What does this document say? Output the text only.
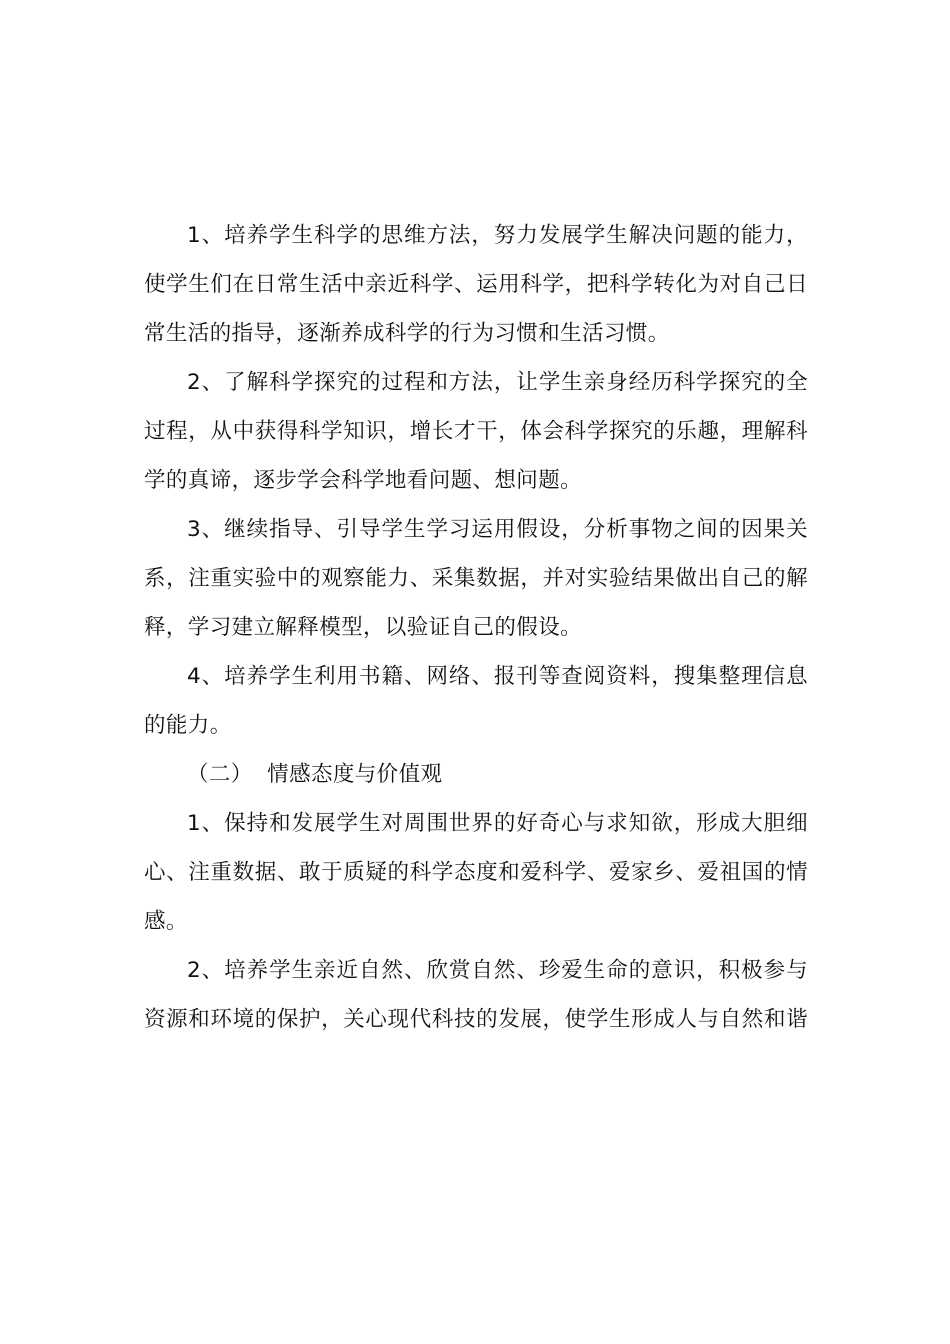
1、培养学生科学的思维方法，努力发展学生解决问题的能力，
使学生们在日常生活中亲近科学、运用科学，把科学转化为对自己日
常生活的指导，逐渐养成科学的行为习惯和生活习惯。

2、了解科学探究的过程和方法，让学生亲身经历科学探究的全
过程，从中获得科学知识，增长才干，体会科学探究的乐趣，理解科
学的真谛，逐步学会科学地看问题、想问题。

3、继续指导、引导学生学习运用假设，分析事物之间的因果关
系，注重实验中的观察能力、采集数据，并对实验结果做出自己的解
释，学习建立解释模型，以验证自己的假设。

4、培养学生利用书籍、网络、报刊等查阅资料，搜集整理信息
的能力。

（二）  情感态度与价值观

1、保持和发展学生对周围世界的好奇心与求知欲，形成大胆细
心、注重数据、敢于质疑的科学态度和爱科学、爱家乡、爱祖国的情
感。

2、培养学生亲近自然、欣赏自然、珍爱生命的意识，积极参与
资源和环境的保护，关心现代科技的发展，使学生形成人与自然和谐
